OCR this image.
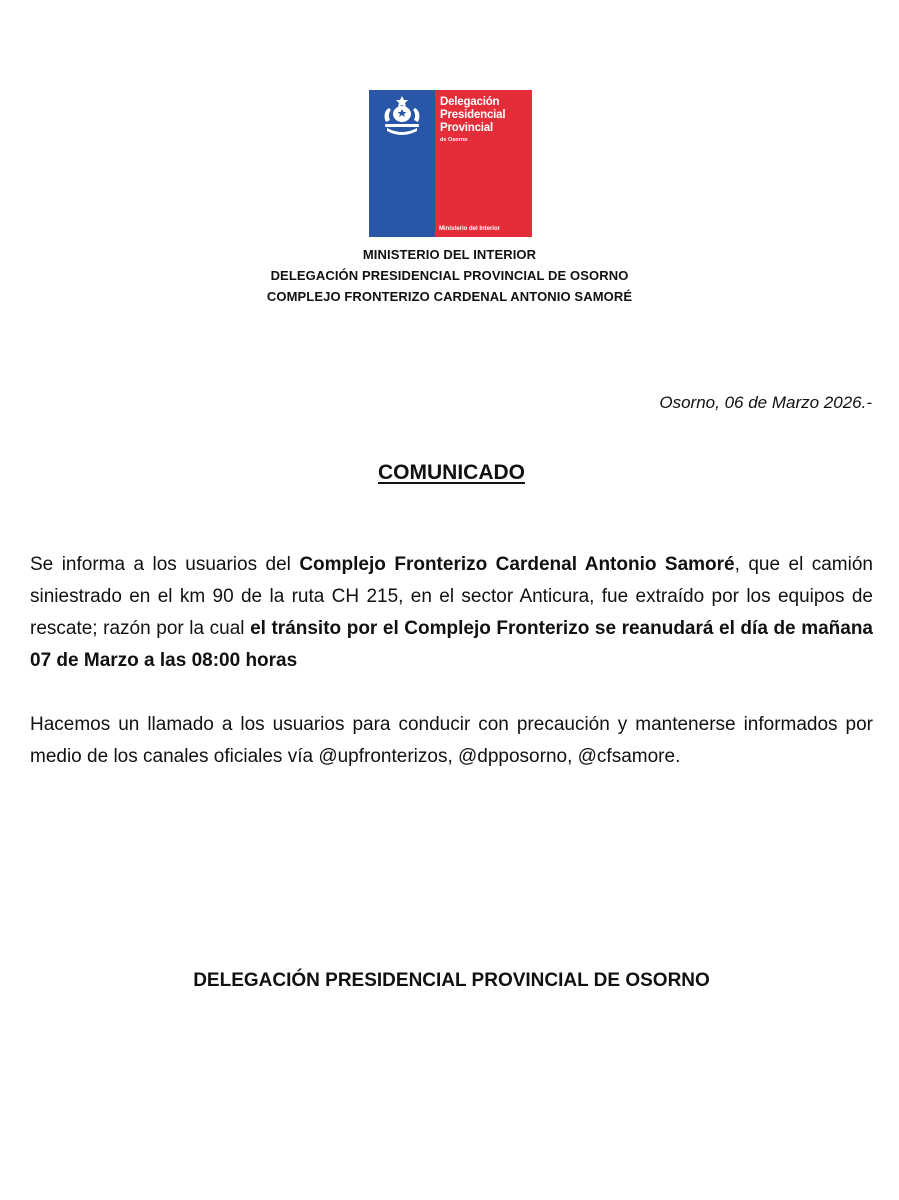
Delegación
Presidencial
Provincial
de Osorno
Ministerio del Interior
MINISTERIO DEL INTERIOR
DELEGACIÓN PRESIDENCIAL PROVINCIAL DE OSORNO
COMPLEJO FRONTERIZO CARDENAL ANTONIO SAMORÉ
Osorno, 06 de Marzo 2026.-
COMUNICADO
Se informa a los usuarios del Complejo Fronterizo Cardenal Antonio Samoré, que el camión siniestrado en el km 90 de la ruta CH 215, en el sector Anticura, fue extraído por los equipos de rescate; razón por la cual el tránsito por el Complejo Fronterizo se reanudará el día de mañana 07 de Marzo a las 08:00 horas
Hacemos un llamado a los usuarios para conducir con precaución y mantenerse informados por medio de los canales oficiales vía @upfronterizos, @dpposorno, @cfsamore.
DELEGACIÓN PRESIDENCIAL PROVINCIAL DE OSORNO
